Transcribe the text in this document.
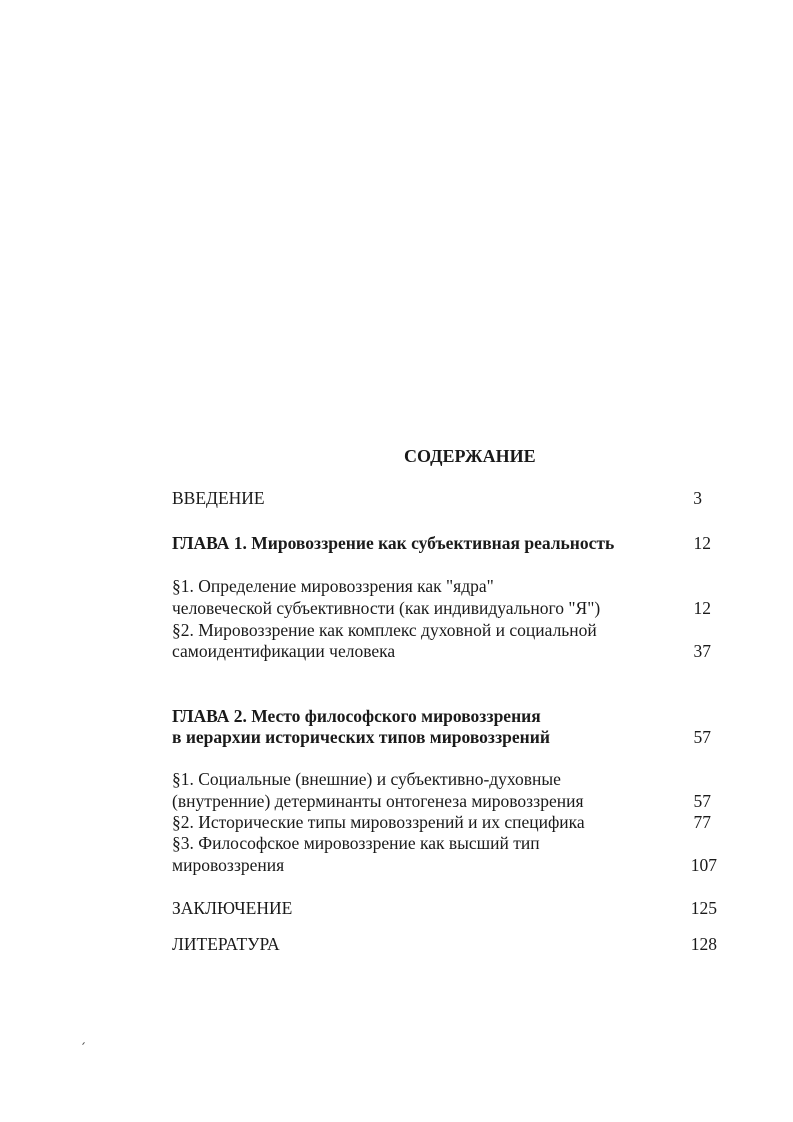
СОДЕРЖАНИЕ
ВВЕДЕНИЕ	3
ГЛАВА 1. Мировоззрение как субъективная реальность	12
§1. Определение мировоззрения как "ядра"
человеческой субъективности (как индивидуального "Я")	12
§2. Мировоззрение как комплекс духовной и социальной
самоидентификации человека	37
ГЛАВА 2. Место философского мировоззрения
в иерархии исторических типов мировоззрений	57
§1. Социальные (внешние) и субъективно-духовные
(внутренние) детерминанты онтогенеза мировоззрения	57
§2. Исторические типы мировоззрений и их специфика	77
§3. Философское мировоззрение как высший тип
мировоззрения	107
ЗАКЛЮЧЕНИЕ	125
ЛИТЕРАТУРА	128
